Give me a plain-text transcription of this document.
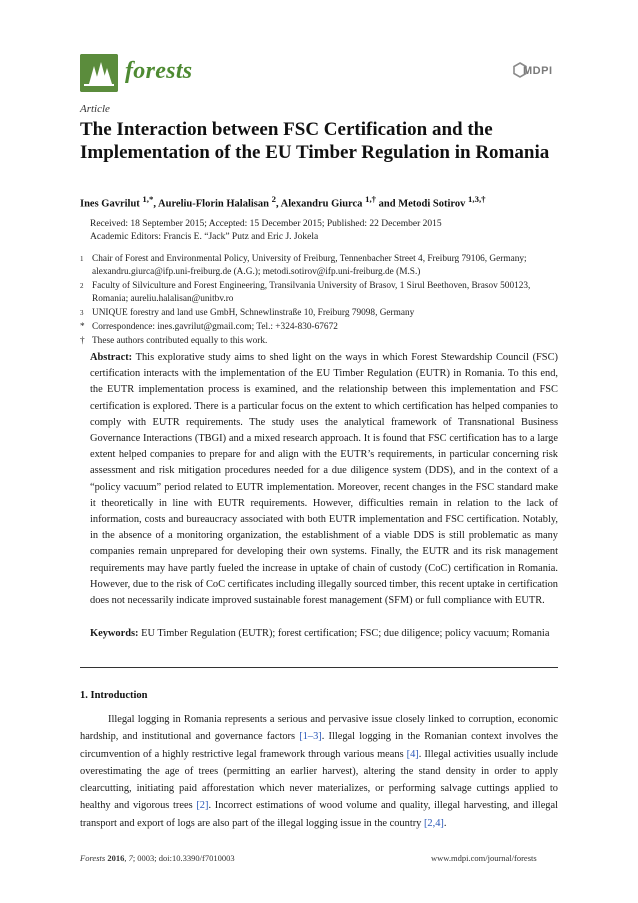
forests	MDPI
Article
The Interaction between FSC Certification and the Implementation of the EU Timber Regulation in Romania
Ines Gavrilut $^{1,*}$, Aureliu-Florin Halalisan $^2$, Alexandru Giurca $^{1,\dagger}$ and Metodi Sotirov $^{1,3,\dagger}$
Received: 18 September 2015; Accepted: 15 December 2015; Published: 22 December 2015
Academic Editors: Francis E. “Jack” Putz and Eric J. Jokela
1 Chair of Forest and Environmental Policy, University of Freiburg, Tennenbacher Street 4, Freiburg 79106, Germany; alexandru.giurca@ifp.uni-freiburg.de (A.G.); metodi.sotirov@ifp.uni-freiburg.de (M.S.)
2 Faculty of Silviculture and Forest Engineering, Transilvania University of Brasov, 1 Sirul Beethoven, Brasov 500123, Romania; aureliu.halalisan@unitbv.ro
3 UNIQUE forestry and land use GmbH, Schnewlinstraße 10, Freiburg 79098, Germany
* Correspondence: ines.gavrilut@gmail.com; Tel.: +324-830-67672
† These authors contributed equally to this work.

Abstract: This explorative study aims to shed light on the ways in which Forest Stewardship Council (FSC) certification interacts with the implementation of the EU Timber Regulation (EUTR) in Romania. To this end, the EUTR implementation process is examined, and the relationship between this implementation and FSC certification is explored. There is a particular focus on the extent to which certification has helped companies to comply with EUTR requirements. The study uses the analytical framework of Transnational Business Governance Interactions (TBGI) and a mixed research approach. It is found that FSC certification has to a large extent helped companies to prepare for and align with the EUTR’s requirements, in particular concerning risk assessment and risk mitigation procedures needed for a due diligence system (DDS), and in the context of a “policy vacuum” period related to EUTR implementation. Moreover, recent changes in the FSC standard make it theoretically in line with EUTR requirements. However, difficulties remain in relation to the lack of information, costs and bureaucracy associated with both EUTR implementation and FSC certification. Notably, in the absence of a monitoring organization, the establishment of a viable DDS is still problematic as many companies remain unprepared for developing their own systems. Finally, the EUTR and its risk management requirements may have partly fueled the increase in uptake of chain of custody (CoC) certification in Romania. However, due to the risk of CoC certificates including illegally sourced timber, this recent uptake in certification does not necessarily indicate improved sustainable forest management (SFM) or full compliance with EUTR.

Keywords: EU Timber Regulation (EUTR); forest certification; FSC; due diligence; policy vacuum; Romania

1. Introduction

Illegal logging in Romania represents a serious and pervasive issue closely linked to corruption, economic hardship, and institutional and governance factors [1–3]. Illegal logging in the Romanian context involves the circumvention of a highly restrictive legal framework through various means [4]. Illegal activities usually include overestimating the age of trees (permitting an earlier harvest), altering the stand density in order to apply clearcutting, initiating paid afforestation which never materializes, or performing salvage cuttings applied to healthy and vigorous trees [2]. Incorrect estimations of wood volume and quality, illegal harvesting, and illegal transport and export of logs are also part of the illegal logging issue in the country [2,4].

Forests 2016, 7; 0003; doi:10.3390/f7010003	www.mdpi.com/journal/forests
